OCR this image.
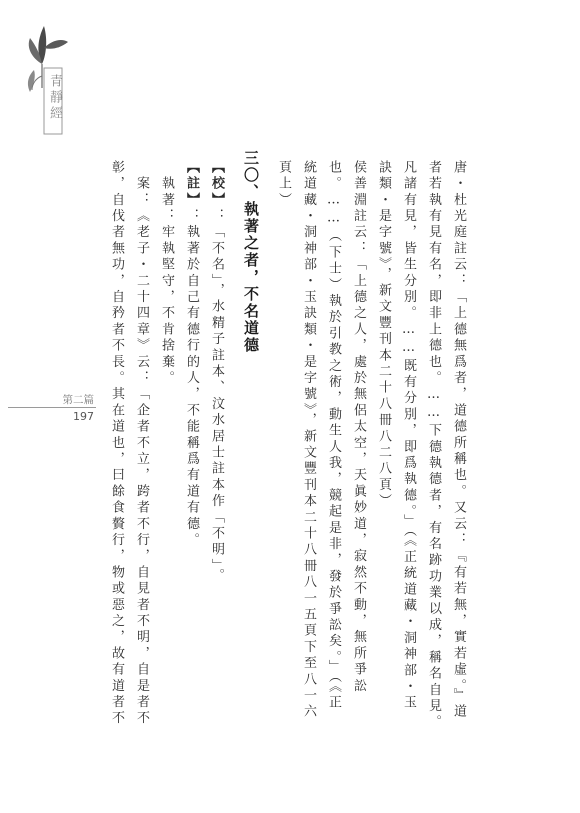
青靜經
第二篇
197	唐・杜光庭註云：「上德無爲者，道德所稱也。又云：『有若無，實若虛。』道

者若執有見有名，即非上德也。……下德執德者，有名跡功業以成，稱名自見。

凡諸有見，皆生分別。……既有分別，即爲執德。」（《正統道藏・洞神部・玉

訣類・是字號》，新文豐刊本二十八冊八二八頁）

侯善淵註云：「上德之人，處於無侶太空，天眞妙道，寂然不動，無所爭訟

也。……（下士）執於引教之術，動生人我，競起是非，發於爭訟矣。」（《正

統道藏・洞神部・玉訣類・是字號》，新文豐刊本二十八冊八一五頁下至八一六

頁上）

三〇、執著之者，不名道德

【校】：「不名」，水精子註本、汶水居士註本作「不明」。

【註】：執著於自己有德行的人，不能稱爲有道有德。

　執著：牢執堅守，不肯捨棄。

　案：《老子・二十四章》云：「企者不立，跨者不行，自見者不明，自是者不

彰，自伐者無功，自矜者不長。其在道也，曰餘食贅行，物或惡之，故有道者不
